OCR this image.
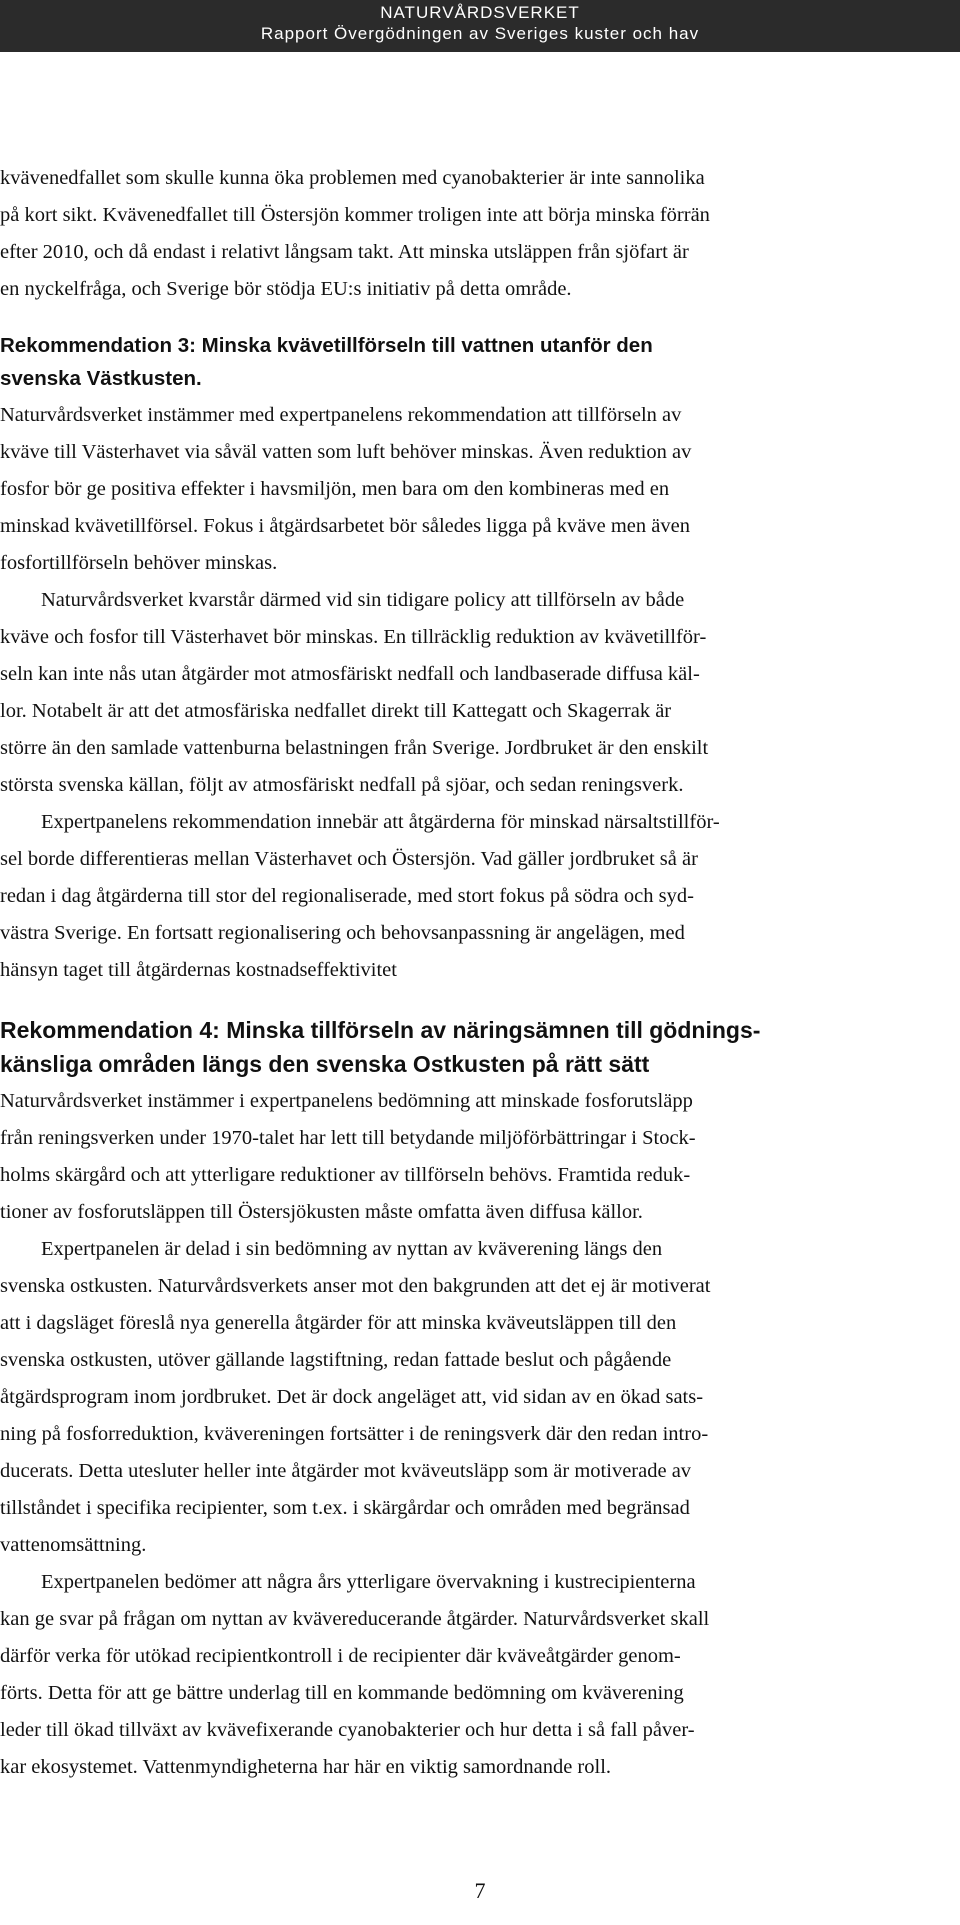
NATURVÅRDSVERKET
Rapport Övergödningen av Sveriges kuster och hav

kvävenedfallet som skulle kunna öka problemen med cyanobakterier är inte sannolika
på kort sikt. Kvävenedfallet till Östersjön kommer troligen inte att börja minska förrän
efter 2010, och då endast i relativt långsam takt. Att minska utsläppen från sjöfart är
en nyckelfråga, och Sverige bör stödja EU:s initiativ på detta område.

Rekommendation 3: Minska kvävetillförseln till vattnen utanför den
svenska Västkusten.

Naturvårdsverket instämmer med expertpanelens rekommendation att tillförseln av
kväve till Västerhavet via såväl vatten som luft behöver minskas. Även reduktion av
fosfor bör ge positiva effekter i havsmiljön, men bara om den kombineras med en
minskad kvävetillförsel. Fokus i åtgärdsarbetet bör således ligga på kväve men även
fosfortillförseln behöver minskas.

Naturvårdsverket kvarstår därmed vid sin tidigare policy att tillförseln av både
kväve och fosfor till Västerhavet bör minskas. En tillräcklig reduktion av kvävetillför-
seln kan inte nås utan åtgärder mot atmosfäriskt nedfall och landbaserade diffusa käl-
lor. Notabelt är att det atmosfäriska nedfallet direkt till Kattegatt och Skagerrak är
större än den samlade vattenburna belastningen från Sverige. Jordbruket är den enskilt
största svenska källan, följt av atmosfäriskt nedfall på sjöar, och sedan reningsverk.

Expertpanelens rekommendation innebär att åtgärderna för minskad närsaltstillför-
sel borde differentieras mellan Västerhavet och Östersjön. Vad gäller jordbruket så är
redan i dag åtgärderna till stor del regionaliserade, med stort fokus på södra och syd-
västra Sverige. En fortsatt regionalisering och behovsanpassning är angelägen, med
hänsyn taget till åtgärdernas kostnadseffektivitet

Rekommendation 4: Minska tillförseln av näringsämnen till gödnings-
känsliga områden längs den svenska Ostkusten på rätt sätt

Naturvårdsverket instämmer i expertpanelens bedömning att minskade fosforutsläpp
från reningsverken under 1970-talet har lett till betydande miljöförbättringar i Stock-
holms skärgård och att ytterligare reduktioner av tillförseln behövs. Framtida reduk-
tioner av fosforutsläppen till Östersjökusten måste omfatta även diffusa källor.

Expertpanelen är delad i sin bedömning av nyttan av kväverening längs den
svenska ostkusten. Naturvårdsverkets anser mot den bakgrunden att det ej är motiverat
att i dagsläget föreslå nya generella åtgärder för att minska kväveutsläppen till den
svenska ostkusten, utöver gällande lagstiftning, redan fattade beslut och pågående
åtgärdsprogram inom jordbruket. Det är dock angeläget att, vid sidan av en ökad sats-
ning på fosforreduktion, kvävereningen fortsätter i de reningsverk där den redan intro-
ducerats. Detta utesluter heller inte åtgärder mot kväveutsläpp som är motiverade av
tillståndet i specifika recipienter, som t.ex. i skärgårdar och områden med begränsad
vattenomsättning.

Expertpanelen bedömer att några års ytterligare övervakning i kustrecipienterna
kan ge svar på frågan om nyttan av kvävereducerande åtgärder. Naturvårdsverket skall
därför verka för utökad recipientkontroll i de recipienter där kväveåtgärder genom-
förts. Detta för att ge bättre underlag till en kommande bedömning om kväverening
leder till ökad tillväxt av kvävefixerande cyanobakterier och hur detta i så fall påver-
kar ekosystemet. Vattenmyndigheterna har här en viktig samordnande roll.

7
